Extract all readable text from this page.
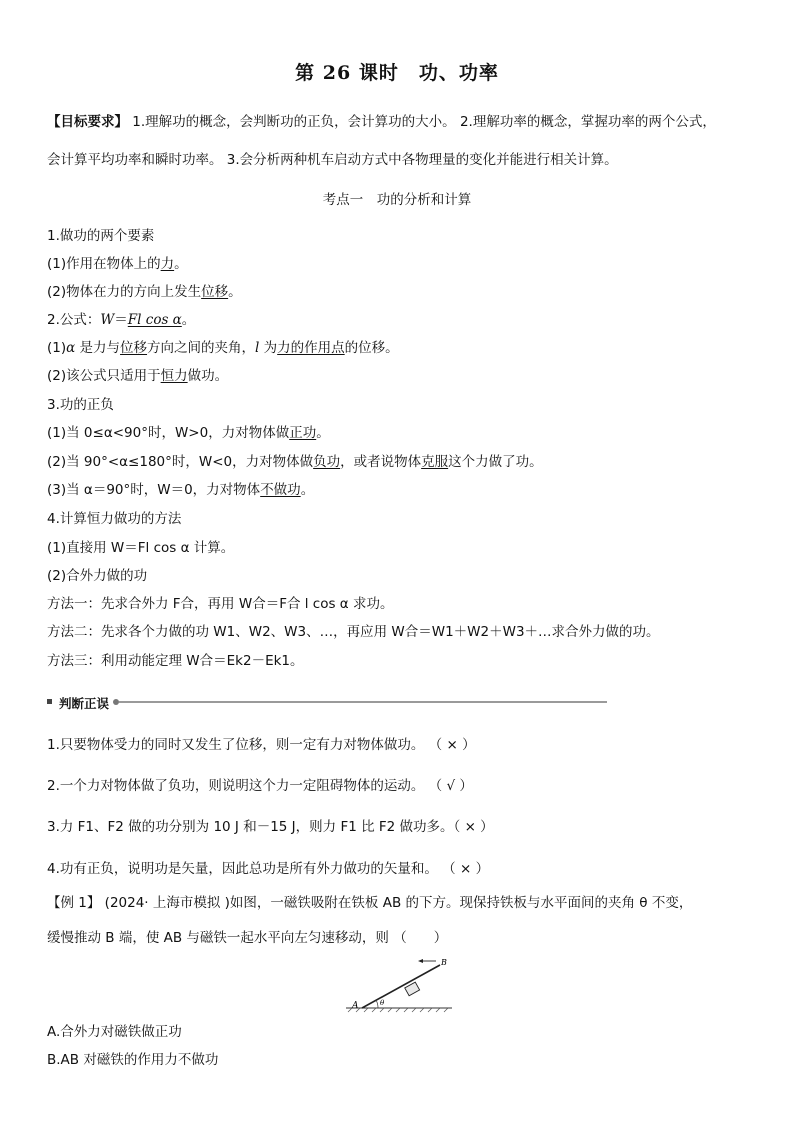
第 26 课时　功、功率
【目标要求】 1.理解功的概念，会判断功的正负，会计算功的大小。 2.理解功率的概念，掌握功率的两个公式，
会计算平均功率和瞬时功率。 3.会分析两种机车启动方式中各物理量的变化并能进行相关计算。
考点一　功的分析和计算
1.做功的两个要素
(1)作用在物体上的力。
(2)物体在力的方向上发生位移。
2.公式：W＝Fl cos α。
(1)α 是力与位移方向之间的夹角，l 为力的作用点的位移。
(2)该公式只适用于恒力做功。
3.功的正负
(1)当 0≤α<90°时，W>0，力对物体做正功。
(2)当 90°<α≤180°时，W<0，力对物体做负功，或者说物体克服这个力做了功。
(3)当 α＝90°时，W＝0，力对物体不做功。
4.计算恒力做功的方法
(1)直接用 W＝Fl cos α 计算。
(2)合外力做的功
方法一：先求合外力 F合，再用 W合＝F合 l cos α 求功。
方法二：先求各个力做的功 W1、W2、W3、…，再应用 W合＝W1＋W2＋W3＋…求合外力做的功。
方法三：利用动能定理 W合＝Ek2－Ek1。
判断正误
1.只要物体受力的同时又发生了位移，则一定有力对物体做功。 （ × ）
2.一个力对物体做了负功，则说明这个力一定阻碍物体的运动。 （ √ ）
3.力 F1、F2 做的功分别为 10 J 和－15 J，则力 F1 比 F2 做功多。（ × ）
4.功有正负，说明功是矢量，因此总功是所有外力做功的矢量和。 （ × ）
【例 1】 (2024· 上海市模拟 )如图，一磁铁吸附在铁板 AB 的下方。现保持铁板与水平面间的夹角 θ 不变，
缓慢推动 B 端，使 AB 与磁铁一起水平向左匀速移动，则 （　　）
θ
A
B
A.合外力对磁铁做正功
B.AB 对磁铁的作用力不做功
